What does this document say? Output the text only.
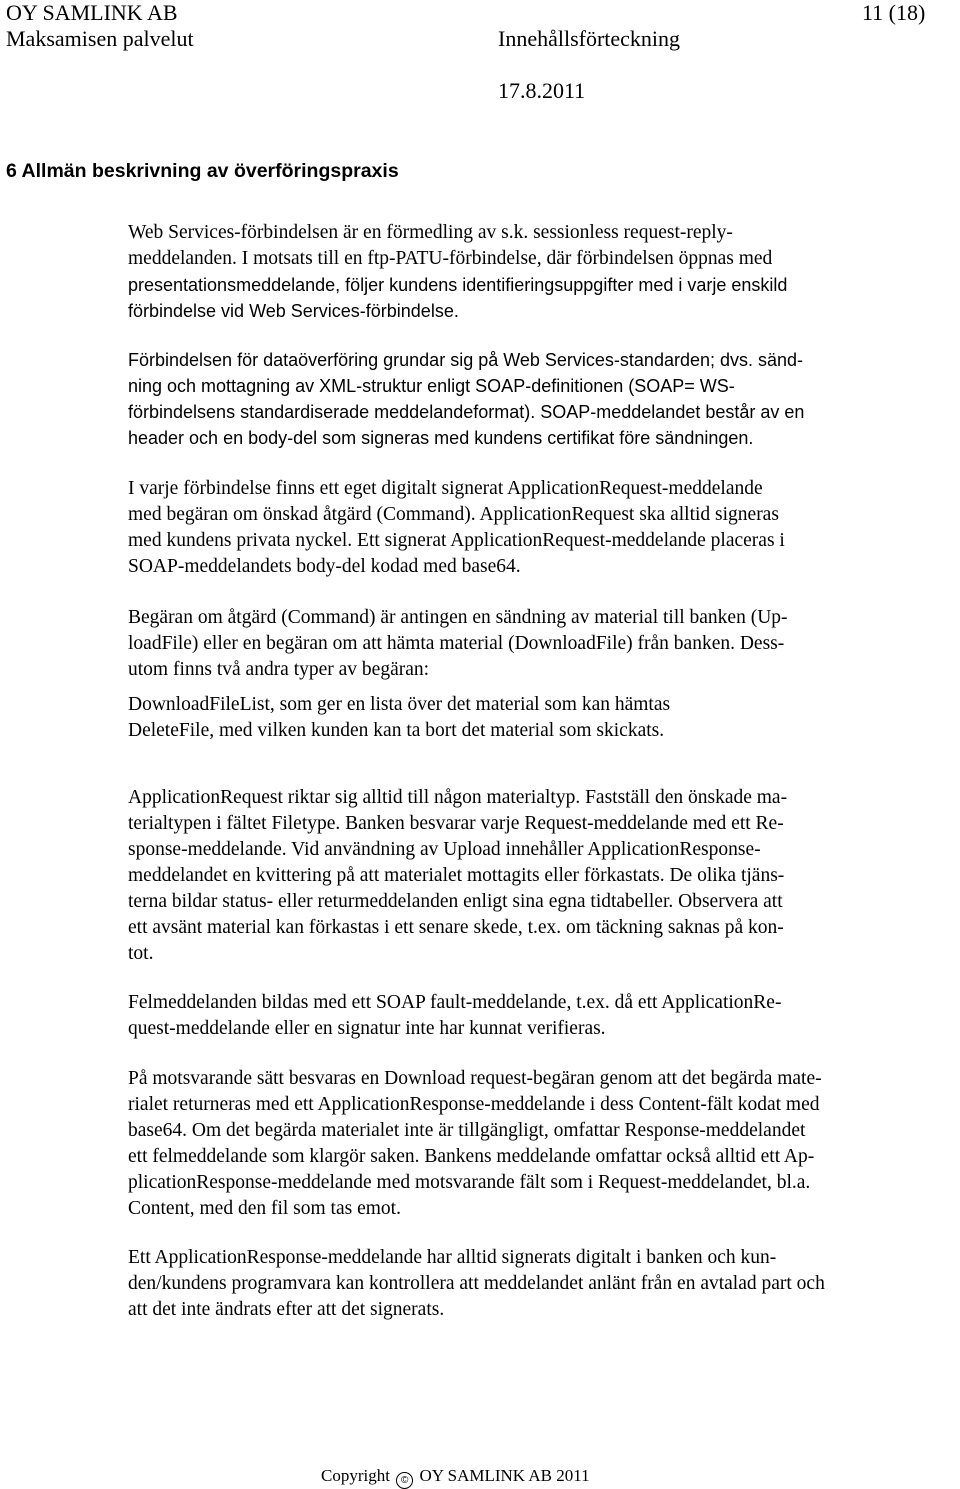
OY SAMLINK AB	11 (18)
Maksamisen palvelut	Innehållsförteckning
17.8.2011
6 Allmän beskrivning av överföringspraxis
Web Services-förbindelsen är en förmedling av s.k. sessionless request-reply-
meddelanden. I motsats till en ftp-PATU-förbindelse, där förbindelsen öppnas med
presentationsmeddelande, följer kundens identifieringsuppgifter med i varje enskild
förbindelse vid Web Services-förbindelse.
Förbindelsen för dataöverföring grundar sig på Web Services-standarden; dvs. sänd-
ning och mottagning av XML-struktur enligt SOAP-definitionen (SOAP= WS-
förbindelsens standardiserade meddelandeformat). SOAP-meddelandet består av en
header och en body-del som signeras med kundens certifikat före sändningen.
I varje förbindelse finns ett eget digitalt signerat ApplicationRequest-meddelande
med begäran om önskad åtgärd (Command). ApplicationRequest ska alltid signeras
med kundens privata nyckel. Ett signerat ApplicationRequest-meddelande placeras i
SOAP-meddelandets body-del kodad med base64.
Begäran om åtgärd (Command) är antingen en sändning av material till banken (Up-
loadFile) eller en begäran om att hämta material (DownloadFile) från banken. Dess-
utom finns två andra typer av begäran:
DownloadFileList, som ger en lista över det material som kan hämtas
DeleteFile, med vilken kunden kan ta bort det material som skickats.
ApplicationRequest riktar sig alltid till någon materialtyp. Fastställ den önskade ma-
terialtypen i fältet Filetype. Banken besvarar varje Request-meddelande med ett Re-
sponse-meddelande. Vid användning av Upload innehåller ApplicationResponse-
meddelandet en kvittering på att materialet mottagits eller förkastats. De olika tjäns-
terna bildar status- eller returmeddelanden enligt sina egna tidtabeller. Observera att
ett avsänt material kan förkastas i ett senare skede, t.ex. om täckning saknas på kon-
tot.
Felmeddelanden bildas med ett SOAP fault-meddelande, t.ex. då ett ApplicationRe-
quest-meddelande eller en signatur inte har kunnat verifieras.
På motsvarande sätt besvaras en Download request-begäran genom att det begärda mate-
rialet returneras med ett ApplicationResponse-meddelande i dess Content-fält kodat med
base64. Om det begärda materialet inte är tillgängligt, omfattar Response-meddelandet
ett felmeddelande som klargör saken. Bankens meddelande omfattar också alltid ett Ap-
plicationResponse-meddelande med motsvarande fält som i Request-meddelandet, bl.a.
Content, med den fil som tas emot.
Ett ApplicationResponse-meddelande har alltid signerats digitalt i banken och kun-
den/kundens programvara kan kontrollera att meddelandet anlänt från en avtalad part och
att det inte ändrats efter att det signerats.
Copyright © OY SAMLINK AB 2011
